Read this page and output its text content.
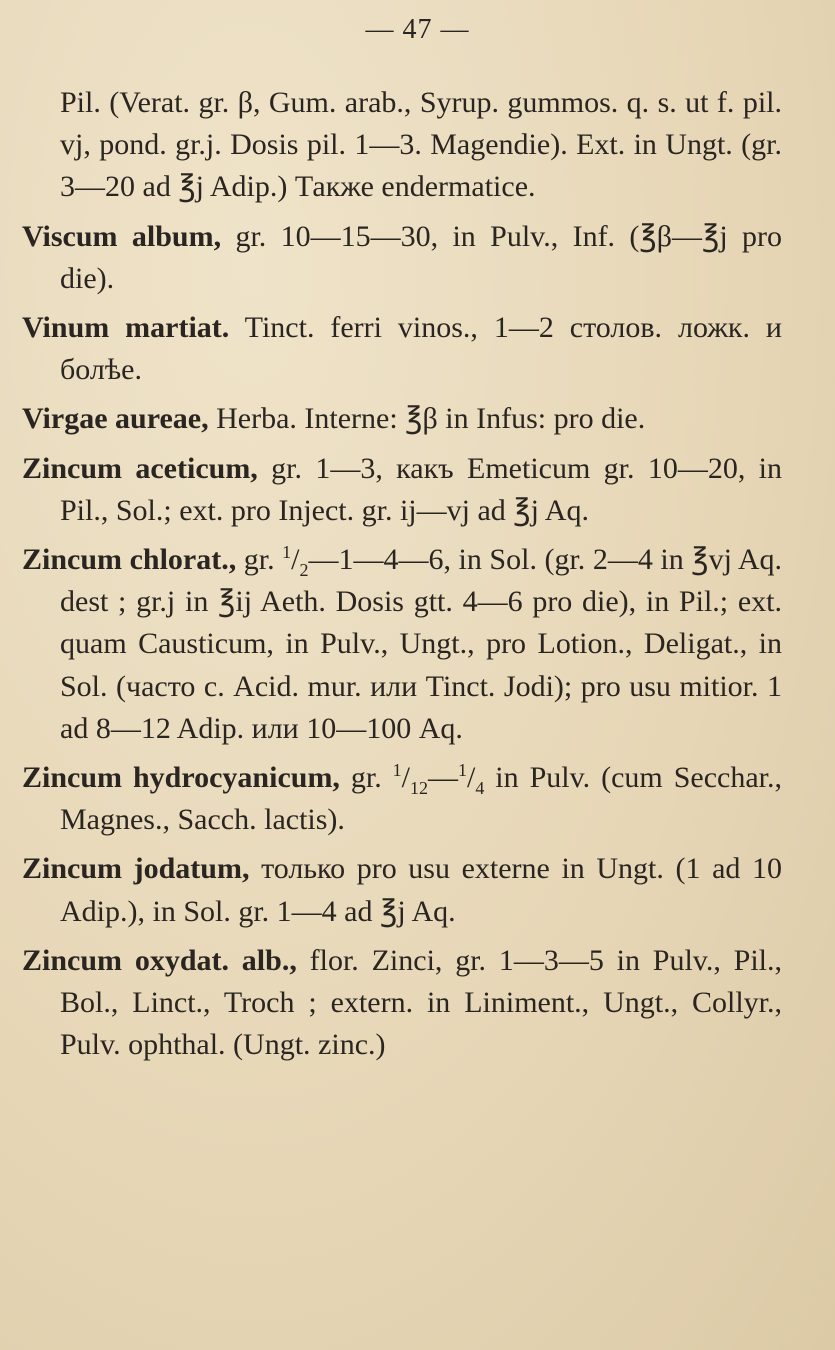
— 47 —

Pil. (Verat. gr. β, Gum. arab., Syrup. gummos. q. s. ut f. pil. vj, pond. gr.j. Dosis pil. 1—3. Magendie). Ext. in Ungt. (gr. 3—20 ad ℥j Adip.) Также endermatice.

Viscum album, gr. 10—15—30, in Pulv., Inf. (℥β—℥j pro die).

Vinum martiat. Tinct. ferri vinos., 1—2 столов. ложк. и болѣе.

Virgae aureae, Herba. Interne: ℥β in Infus: pro die.

Zincum aceticum, gr. 1—3, какъ Emeticum gr. 10—20, in Pil., Sol.; ext. pro Inject. gr. ij—vj ad ℥j Aq.

Zincum chlorat., gr. $^1/_2—1—4—6$, in Sol. (gr. 2—4 in ℥vj Aq. dest ; gr.j in ℥ij Aeth. Dosis gtt. 4—6 pro die), in Pil.; ext. quam Causticum, in Pulv., Ungt., pro Lotion., Deligat., in Sol. (часто с. Acid. mur. или Tinct. Jodi); pro usu mitior. 1 ad 8—12 Adip. или 10—100 Aq.

Zincum hydrocyanicum, gr. $^1/_{12}—^1/_4$ in Pulv. (cum Secchar., Magnes., Sacch. lactis).

Zincum jodatum, только pro usu externe in Ungt. (1 ad 10 Adip.), in Sol. gr. 1—4 ad ℥j Aq.

Zincum oxydat. alb., flor. Zinci, gr. 1—3—5 in Pulv., Pil., Bol., Linct., Troch ; extern. in Liniment., Ungt., Collyr., Pulv. ophthal. (Ungt. zinc.)
